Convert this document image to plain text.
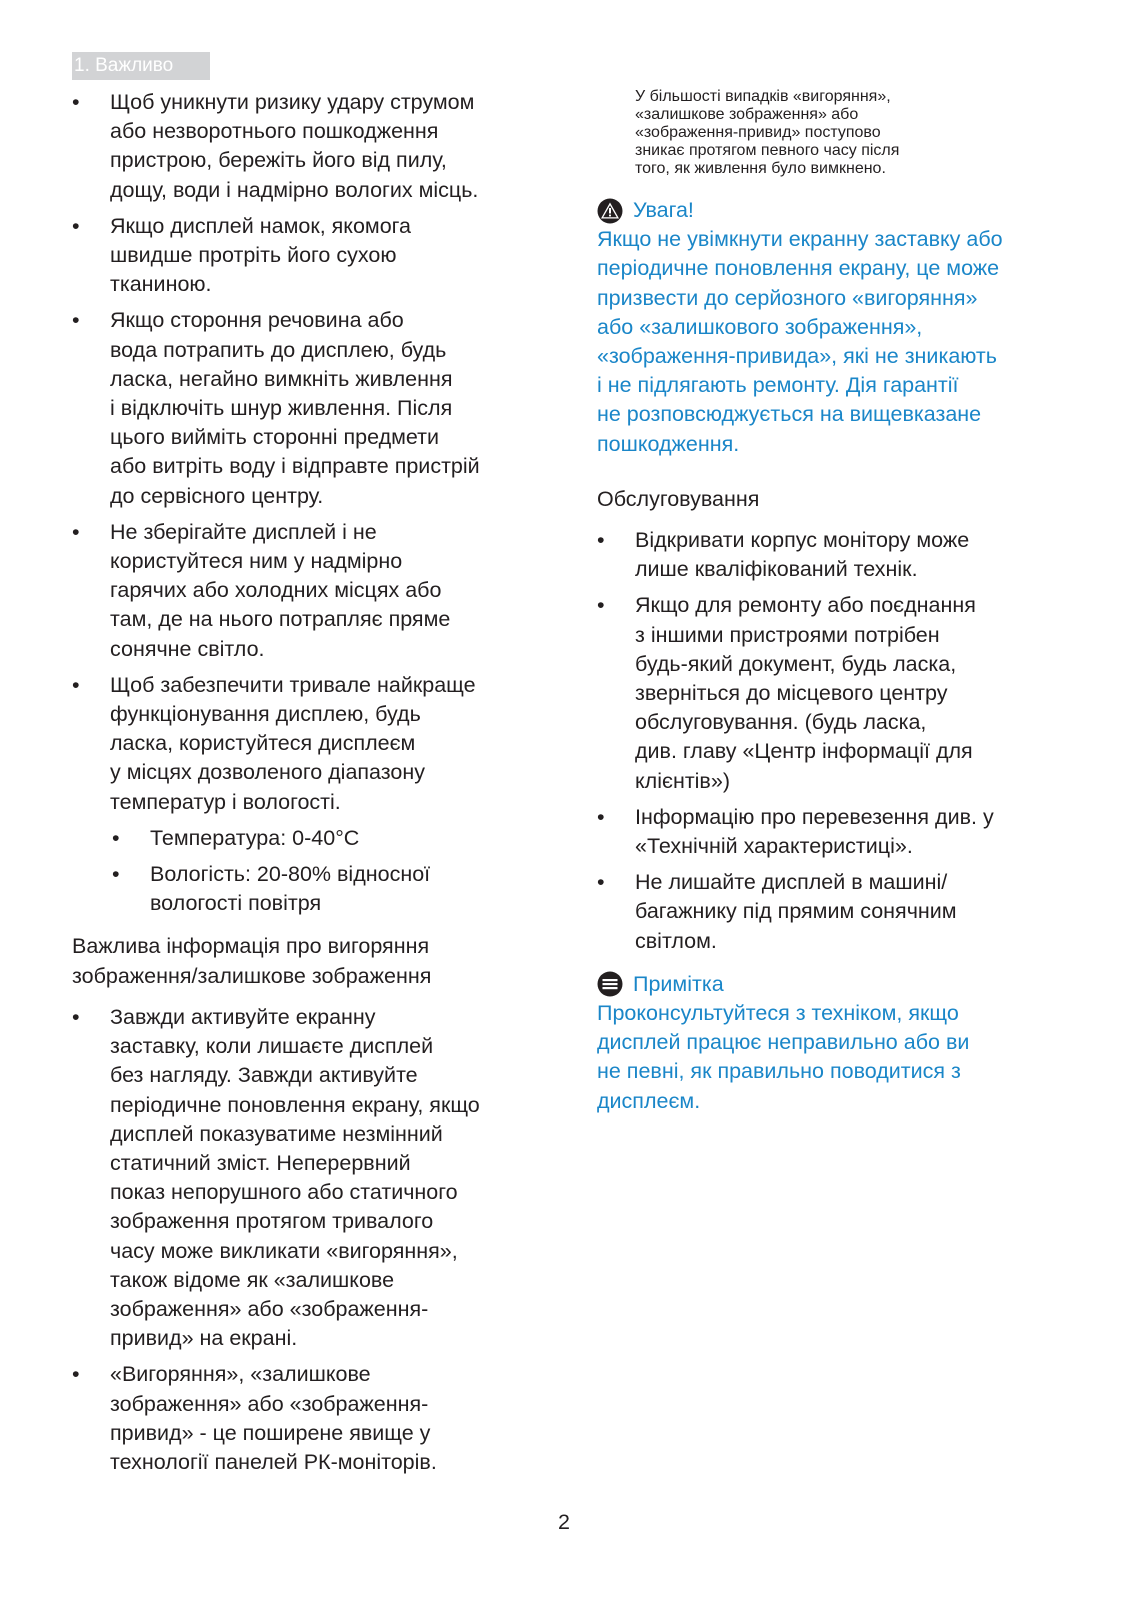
1. Важливо
• Щоб уникнути ризику удару струмом
або незворотнього пошкодження
пристрою, бережіть його від пилу,
дощу, води і надмірно вологих місць.
• Якщо дисплей намок, якомога
швидше протріть його сухою
тканиною.
• Якщо стороння речовина або
вода потрапить до дисплею, будь
ласка, негайно вимкніть живлення
і відключіть шнур живлення. Після
цього вийміть сторонні предмети
або витріть воду і відправте пристрій
до сервісного центру.
• Не зберігайте дисплей і не
користуйтеся ним у надмірно
гарячих або холодних місцях або
там, де на нього потрапляє пряме
сонячне світло.
• Щоб забезпечити тривале найкраще
функціонування дисплею, будь
ласка, користуйтеся дисплеєм
у місцях дозволеного діапазону
температур і вологості.
• Температура: 0-40°C
• Вологість: 20-80% відносної
вологості повітря
Важлива інформація про вигоряння
зображення/залишкове зображення
• Завжди активуйте екранну
заставку, коли лишаєте дисплей
без нагляду. Завжди активуйте
періодичне поновлення екрану, якщо
дисплей показуватиме незмінний
статичний зміст. Неперервний
показ непорушного або статичного
зображення протягом тривалого
часу може викликати «вигоряння»,
також відоме як «залишкове
зображення» або «зображення-
привид» на екрані.
• «Вигоряння», «залишкове
зображення» або «зображення-
привид» - це поширене явище у
технології панелей РК-моніторів.
У більшості випадків «вигоряння»,
«залишкове зображення» або
«зображення-привид» поступово
зникає протягом певного часу після
того, як живлення було вимкнено.
Увага!
Якщо не увімкнути екранну заставку або
періодичне поновлення екрану, це може
призвести до серйозного «вигоряння»
або «залишкового зображення»,
«зображення-привида», які не зникають
і не підлягають ремонту. Дія гарантії
не розповсюджується на вищевказане
пошкодження.
Обслуговування
• Відкривати корпус монітору може
лише кваліфікований технік.
• Якщо для ремонту або поєднання
з іншими пристроями потрібен
будь-який документ, будь ласка,
зверніться до місцевого центру
обслуговування. (будь ласка,
див. главу «Центр інформації для
клієнтів»)
• Інформацію про перевезення див. у
«Технічній характеристиці».
• Не лишайте дисплей в машині/
багажнику під прямим сонячним
світлом.
Примітка
Проконсультуйтеся з техніком, якщо
дисплей працює неправильно або ви
не певні, як правильно поводитися з
дисплеєм.
2
